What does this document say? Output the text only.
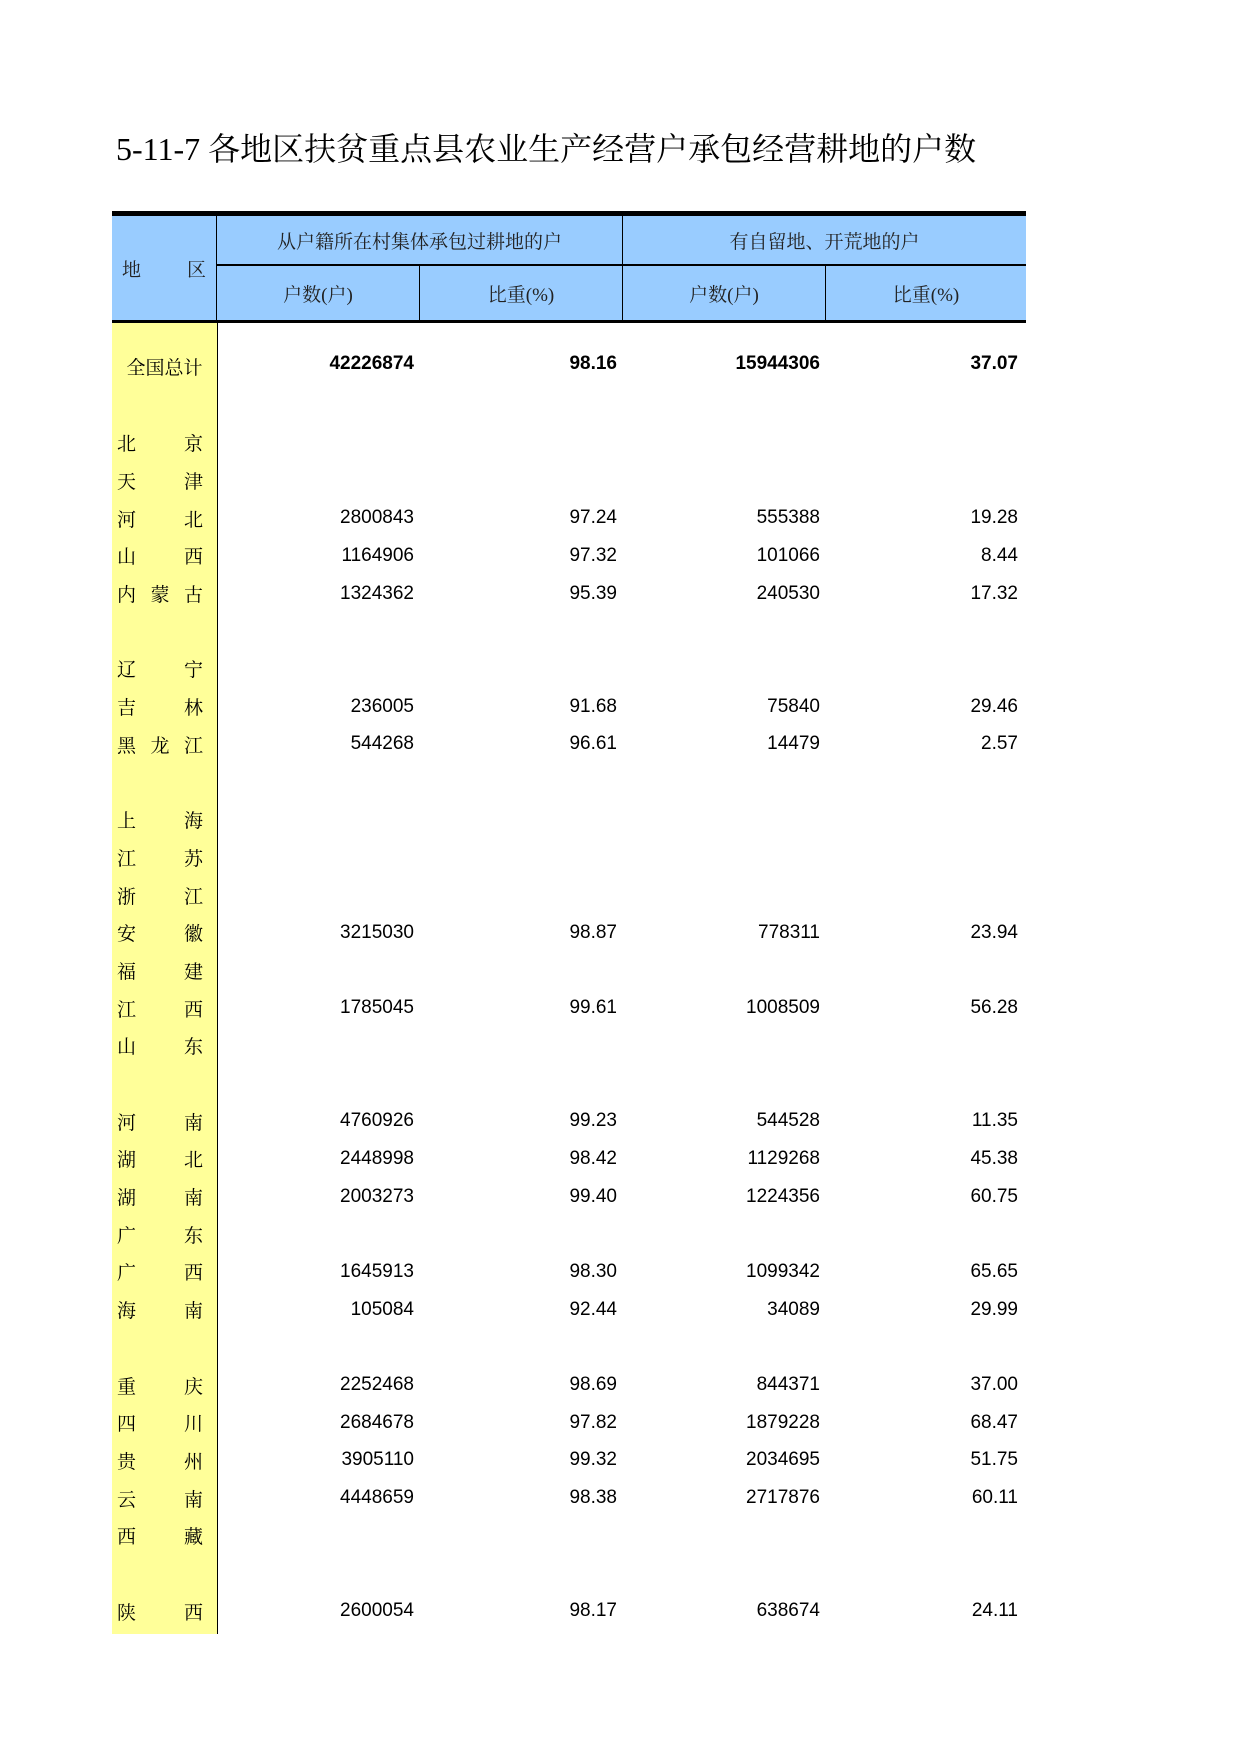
5-11-7 各地区扶贫重点县农业生产经营户承包经营耕地的户数
地 区
从户籍所在村集体承包过耕地的户	有自留地、开荒地的户
户数(户)	比重(%)	户数(户)	比重(%)
全国总计	42226874	98.16	15944306	37.07
北	京
天	津
河	北	2800843	97.24	555388	19.28
山	西	1164906	97.32	101066	8.44
内 蒙 古	1324362	95.39	240530	17.32
辽	宁
吉	林	236005	91.68	75840	29.46
黑 龙 江	544268	96.61	14479	2.57
上	海
江	苏
浙	江
安	徽	3215030	98.87	778311	23.94
福	建
江	西	1785045	99.61	1008509	56.28
山	东
河	南	4760926	99.23	544528	11.35
湖	北	2448998	98.42	1129268	45.38
湖	南	2003273	99.40	1224356	60.75
广	东
广	西	1645913	98.30	1099342	65.65
海	南	105084	92.44	34089	29.99
重	庆	2252468	98.69	844371	37.00
四	川	2684678	97.82	1879228	68.47
贵	州	3905110	99.32	2034695	51.75
云	南	4448659	98.38	2717876	60.11
西	藏
陕	西	2600054	98.17	638674	24.11
